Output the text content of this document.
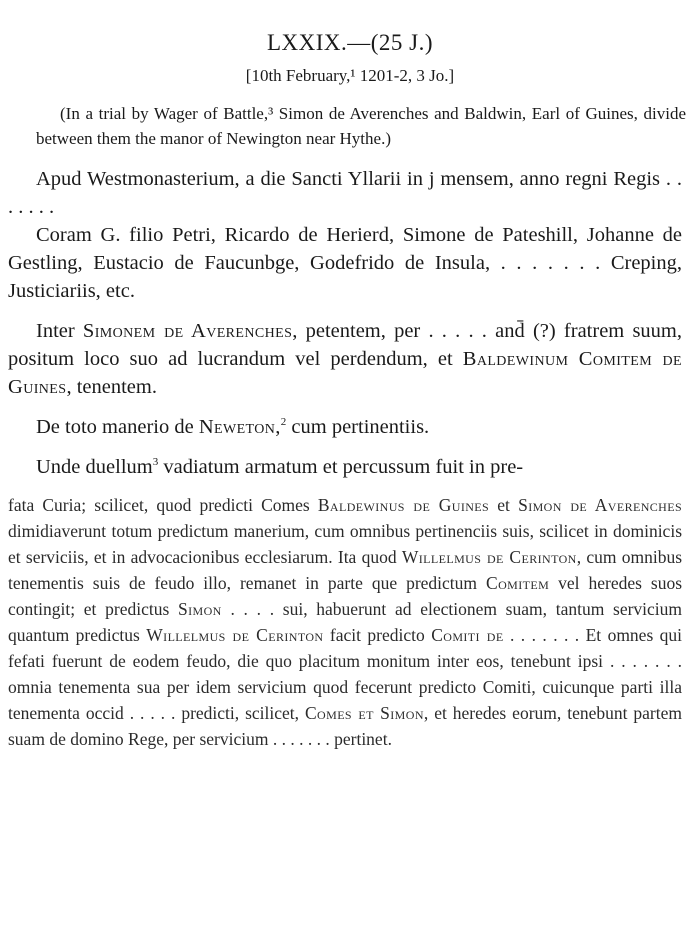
LXXIX.—(25 J.)
[10th February,¹ 1201-2, 3 Jo.]
(In a trial by Wager of Battle,³ Simon de Averenches and Baldwin, Earl of Guines, divide between them the manor of Newington near Hythe.)

Apud Westmonasterium, a die Sancti Yllarii in j mensem, anno regni Regis . . . . . . .

Coram G. filio Petri, Ricardo de Herierd, Simone de Pateshill, Johanne de Gestling, Eustacio de Faucunbge, Godefrido de Insula, . . . . . . . Creping, Justiciariis, etc.

Inter Simonem de Averenches, petentem, per . . . . . and̄ (?) fratrem suum, positum loco suo ad lucrandum vel perdendum, et Baldewinum Comitem de Guines, tenentem.

De toto manerio de Neweton,$^2$ cum pertinentiis.

Unde duellum$^3$ vadiatum armatum et percussum fuit in pre-

fata Curia; scilicet, quod predicti Comes Baldewinus de Guines et Simon de Averenches dimidiaverunt totum predictum manerium, cum omnibus pertinenciis suis, scilicet in dominicis et serviciis, et in advocacionibus ecclesiarum. Ita quod Willelmus de Cerinton, cum omnibus tenementis suis de feudo illo, remanet in parte que predictum Comitem vel heredes suos contingit; et predictus Simon . . . . sui, habuerunt ad electionem suam, tantum servicium quantum predictus Willelmus de Cerinton facit predicto Comiti de . . . . . . . Et omnes qui fefati fuerunt de eodem feudo, die quo placitum monitum inter eos, tenebunt ipsi . . . . . . . omnia tenementa sua per idem servicium quod fecerunt predicto Comiti, cuicunque parti illa tenementa occid . . . . . predicti, scilicet, Comes et Simon, et heredes eorum, tenebunt partem suam de domino Rege, per servicium . . . . . . . pertinet.
